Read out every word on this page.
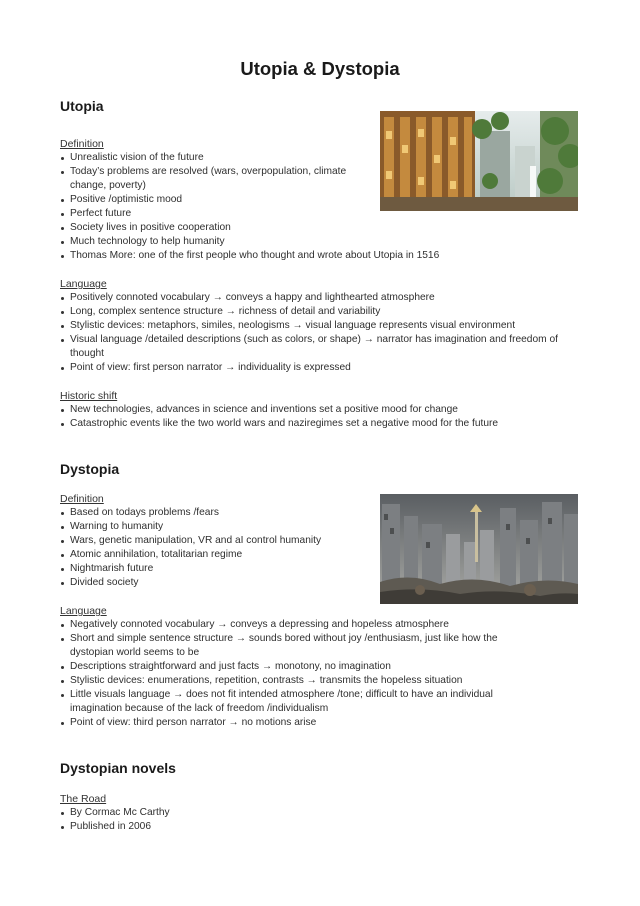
Utopia & Dystopia
Utopia
Definition
Unrealistic vision of the future
Today’s problems are resolved (wars, overpopulation, climate change, poverty)
Positive /optimistic mood
Perfect future
Society lives in positive cooperation
Much technology to help humanity
Thomas More: one of the first people who thought and wrote about Utopia in 1516
Language
Positively connoted vocabulary → conveys a happy and lighthearted atmosphere
Long, complex sentence structure → richness of detail and variability
Stylistic devices: metaphors, similes, neologisms → visual language represents visual environment
Visual language /detailed descriptions (such as colors, or shape) → narrator has imagination and freedom of thought
Point of view: first person narrator → individuality is expressed
Historic shift
New technologies, advances in science and inventions set a positive mood for change
Catastrophic events like the two world wars and naziregimes set a negative mood for the future
Dystopia
Definition
Based on todays problems /fears
Warning to humanity
Wars, genetic manipulation, VR and aI control humanity
Atomic annihilation, totalitarian regime
Nightmarish future
Divided society
Language
Negatively connoted vocabulary → conveys a depressing and hopeless atmosphere
Short and simple sentence structure → sounds bored without joy /enthusiasm, just like how the dystopian world seems to be
Descriptions straightforward and just facts → monotony, no imagination
Stylistic devices: enumerations, repetition, contrasts → transmits the hopeless situation
Little visuals language → does not fit intended atmosphere /tone; difficult to have an individual imagination because of the lack of freedom /individualism
Point of view: third person narrator → no motions arise
Dystopian novels
The Road
By Cormac Mc Carthy
Published in 2006
